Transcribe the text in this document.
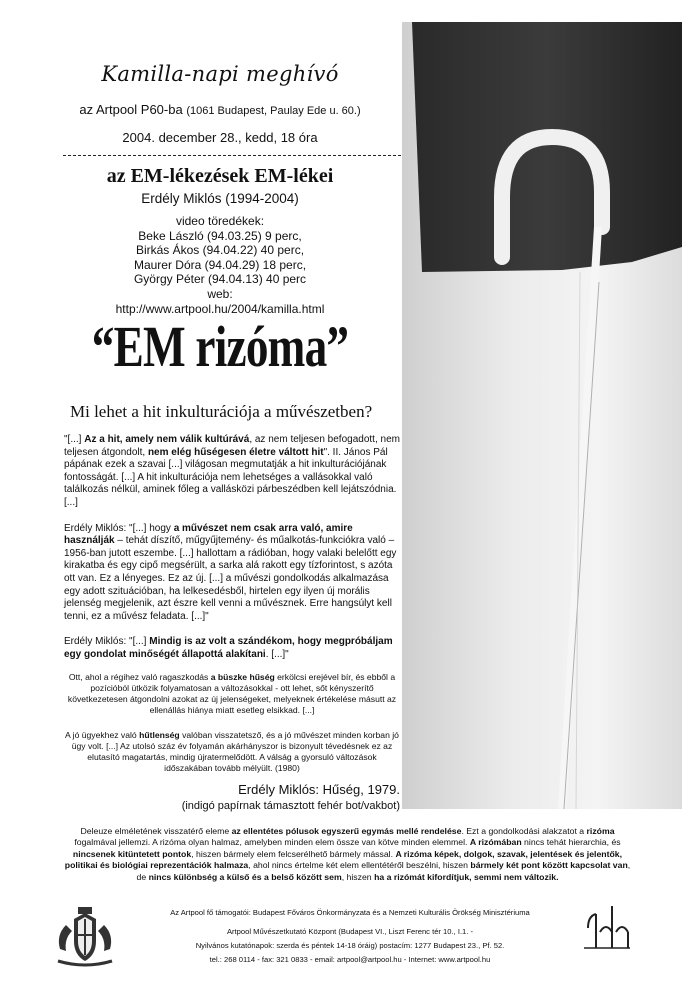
Kamilla-napi meghívó
az Artpool P60-ba (1061 Budapest, Paulay Ede u. 60.)
2004. december 28., kedd, 18 óra
az EM-lékezések EM-lékei
Erdély Miklós (1994-2004)
video töredékek:
Beke László (94.03.25) 9 perc,
Birkás Ákos (94.04.22) 40 perc,
Maurer Dóra (94.04.29) 18 perc,
György Péter (94.04.13) 40 perc
web:
http://www.artpool.hu/2004/kamilla.html
“EM rizóma”
Mi lehet a hit inkulturációja a művészetben?

"[...] Az a hit, amely nem válik kultúrává, az nem teljesen befogadott, nem teljesen átgondolt, nem elég hűségesen életre váltott hit". II. János Pál pápának ezek a szavai [...] világosan megmutatják a hit inkulturációjának fontosságát. [...] A hit inkulturációja nem lehetséges a vallásokkal való találkozás nélkül, aminek főleg a vallásközi párbeszédben kell lejátszódnia. [...]

Erdély Miklós: "[...] hogy a művészet nem csak arra való, amire használják – tehát díszítő, műgyűjtemény- és műalkotás-funkciókra való – 1956-ban jutott eszembe. [...] hallottam a rádióban, hogy valaki belelőtt egy kirakatba és egy cipő megsérült, a sarka alá rakott egy tízforintost, s azóta ott van. Ez a lényeges. Ez az új. [...] a művészi gondolkodás alkalmazása egy adott szituációban, ha lelkesedésből, hirtelen egy ilyen új morális jelenség megjelenik, azt észre kell venni a művésznek. Erre hangsúlyt kell tenni, ez a művész feladata. [...]"

Erdély Miklós: "[...] Mindig is az volt a szándékom, hogy megpróbáljam egy gondolat minőségét állapottá alakítani. [...]"

Ott, ahol a régihez való ragaszkodás a büszke hűség erkölcsi erejével bír, és ebből a pozícióból ütközik folyamatosan a változásokkal - ott lehet, sőt kényszerítő következetesen átgondolni azokat az új jelenségeket, melyeknek értékelése másutt az ellenállás hiánya miatt esetleg elsikkad. [...]

A jó ügyekhez való hűtlenség valóban visszatetsző, és a jó művészet minden korban jó ügy volt. [...] Az utolsó száz év folyamán akárhányszor is bizonyult tévedésnek ez az elutasító magatartás, mindig újratermelődött. A válság a gyorsuló változások időszakában tovább mélyült. (1980)

Erdély Miklós: Hűség, 1979.
(indigó papírnak támasztott fehér bot/vakbot)
Deleuze elméletének visszatérő eleme az ellentétes pólusok egyszerű egymás mellé rendelése. Ezt a gondolkodási alakzatot a rizóma fogalmával jellemzi. A rizóma olyan halmaz, amelyben minden elem össze van kötve minden elemmel. A rizómában nincs tehát hierarchia, és nincsenek kitüntetett pontok, hiszen bármely elem felcserélhető bármely mással. A rizóma képek, dolgok, szavak, jelentések és jelentők, politikai és biológiai reprezentációk halmaza, ahol nincs értelme két elem ellentétéről beszélni, hiszen bármely két pont között kapcsolat van, de nincs különbség a külső és a belső között sem, hiszen ha a rizómát kifordítjuk, semmi nem változik.
Az Artpool fő támogatói: Budapest Főváros Önkormányzata és a Nemzeti Kulturális Örökség Minisztériuma
Artpool Művészetkutató Központ (Budapest VI., Liszt Ferenc tér 10., I.1. -
Nyilvános kutatónapok: szerda és péntek 14-18 óráig) postacím: 1277 Budapest 23., Pf. 52.
tel.: 268 0114 - fax: 321 0833 - email: artpool@artpool.hu - Internet: www.artpool.hu
